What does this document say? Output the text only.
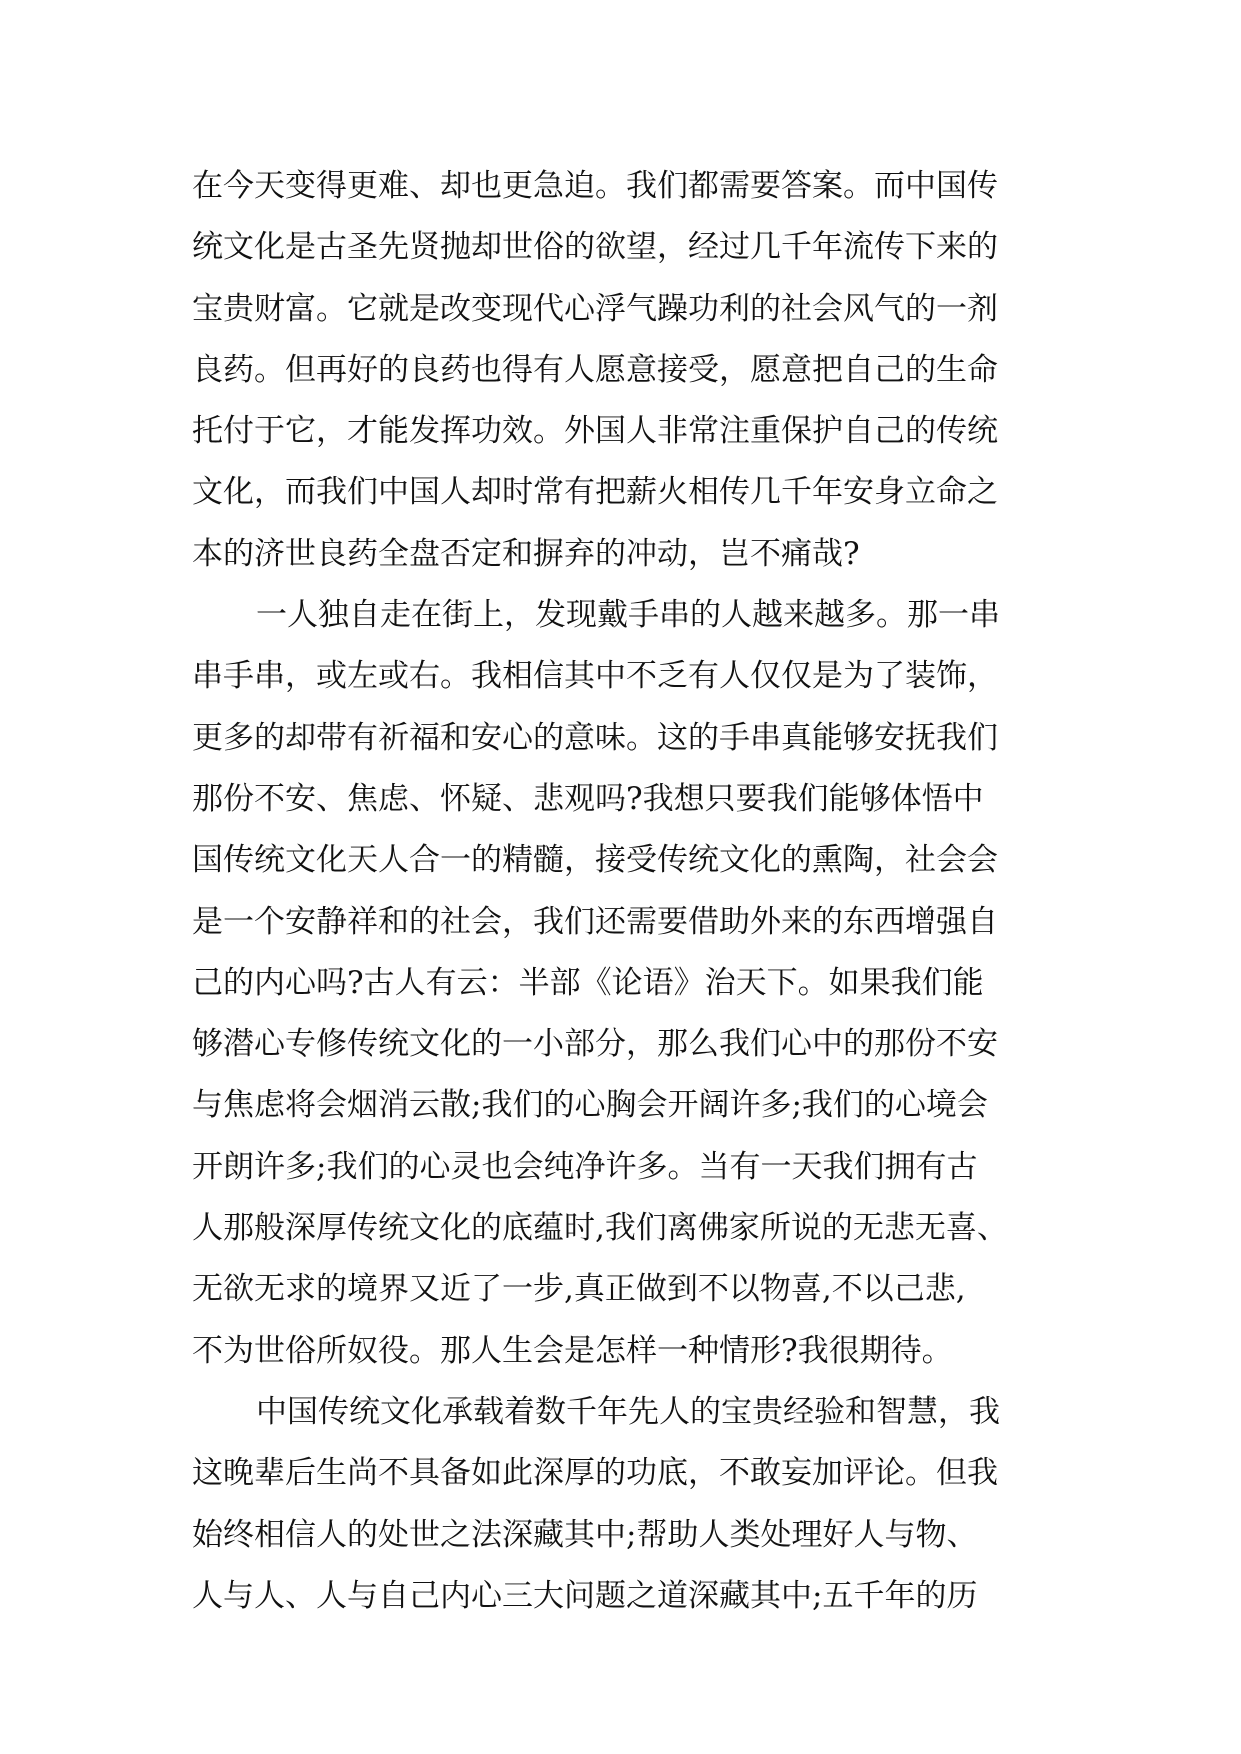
在今天变得更难、却也更急迫。我们都需要答案。而中国传
统文化是古圣先贤抛却世俗的欲望，经过几千年流传下来的
宝贵财富。它就是改变现代心浮气躁功利的社会风气的一剂
良药。但再好的良药也得有人愿意接受，愿意把自己的生命
托付于它，才能发挥功效。外国人非常注重保护自己的传统
文化，而我们中国人却时常有把薪火相传几千年安身立命之
本的济世良药全盘否定和摒弃的冲动，岂不痛哉?
一人独自走在街上，发现戴手串的人越来越多。那一串
串手串，或左或右。我相信其中不乏有人仅仅是为了装饰，
更多的却带有祈福和安心的意味。这的手串真能够安抚我们
那份不安、焦虑、怀疑、悲观吗?我想只要我们能够体悟中
国传统文化天人合一的精髓，接受传统文化的熏陶，社会会
是一个安静祥和的社会，我们还需要借助外来的东西增强自
己的内心吗?古人有云：半部《论语》治天下。如果我们能
够潜心专修传统文化的一小部分，那么我们心中的那份不安
与焦虑将会烟消云散;我们的心胸会开阔许多;我们的心境会
开朗许多;我们的心灵也会纯净许多。当有一天我们拥有古
人那般深厚传统文化的底蕴时,我们离佛家所说的无悲无喜、
无欲无求的境界又近了一步,真正做到不以物喜,不以己悲,
不为世俗所奴役。那人生会是怎样一种情形?我很期待。
中国传统文化承载着数千年先人的宝贵经验和智慧，我
这晚辈后生尚不具备如此深厚的功底，不敢妄加评论。但我
始终相信人的处世之法深藏其中;帮助人类处理好人与物、
人与人、人与自己内心三大问题之道深藏其中;五千年的历
